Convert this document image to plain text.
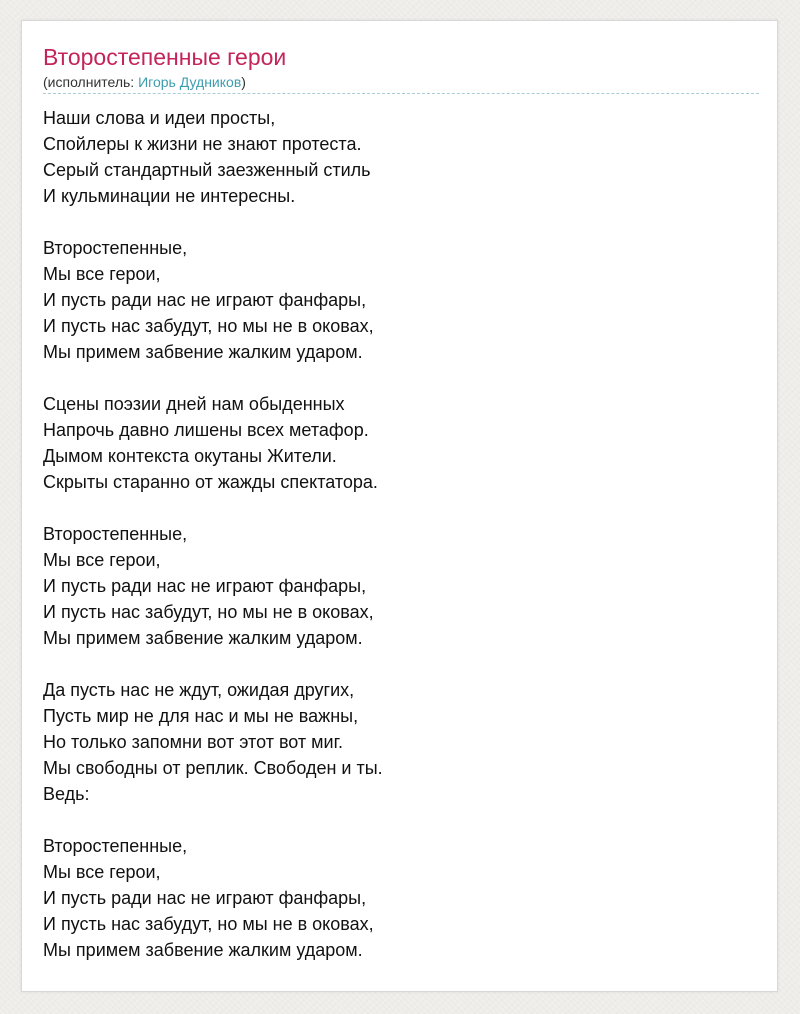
Второстепенные герои
(исполнитель: Игорь Дудников)
Наши слова и идеи просты,
Спойлеры к жизни не знают протеста.
Серый стандартный заезженный стиль
И кульминации не интересны.
Второстепенные,
Мы все герои,
И пусть ради нас не играют фанфары,
И пусть нас забудут, но мы не в оковах,
Мы примем забвение жалким ударом.
Сцены поэзии дней нам обыденных
Напрочь давно лишены всех метафор.
Дымом контекста окутаны Жители.
Скрыты старанно от жажды спектатора.
Второстепенные,
Мы все герои,
И пусть ради нас не играют фанфары,
И пусть нас забудут, но мы не в оковах,
Мы примем забвение жалким ударом.
Да пусть нас не ждут, ожидая других,
Пусть мир не для нас и мы не важны,
Но только запомни вот этот вот миг.
Мы свободны от реплик. Свободен и ты.
Ведь:
Второстепенные,
Мы все герои,
И пусть ради нас не играют фанфары,
И пусть нас забудут, но мы не в оковах,
Мы примем забвение жалким ударом.
